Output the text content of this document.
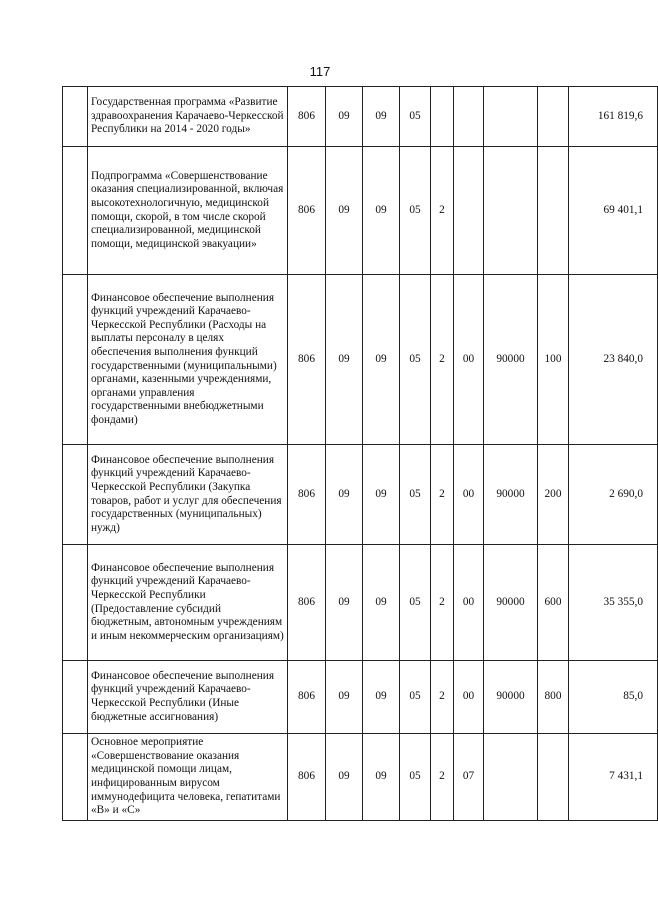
117
	Государственная программа «Развитие здравоохранения Карачаево-Черкесской Республики на 2014 - 2020 годы»	806	09	09	05					161 819,6
	Подпрограмма «Совершенствование оказания специализированной, включая высокотехнологичную, медицинской помощи, скорой, в том числе скорой специализированной, медицинской помощи, медицинской эвакуации»	806	09	09	05	2				69 401,1
	Финансовое обеспечение выполнения функций учреждений Карачаево-Черкесской Республики (Расходы на выплаты персоналу в целях обеспечения выполнения функций государственными (муниципальными) органами, казенными учреждениями, органами управления государственными внебюджетными фондами)	806	09	09	05	2	00	90000	100	23 840,0
	Финансовое обеспечение выполнения функций учреждений Карачаево-Черкесской Республики (Закупка товаров, работ и услуг для обеспечения государственных (муниципальных) нужд)	806	09	09	05	2	00	90000	200	2 690,0
	Финансовое обеспечение выполнения функций учреждений Карачаево-Черкесской Республики (Предоставление субсидий бюджетным, автономным учреждениям и иным некоммерческим организациям)	806	09	09	05	2	00	90000	600	35 355,0
	Финансовое обеспечение выполнения функций учреждений Карачаево-Черкесской Республики (Иные бюджетные ассигнования)	806	09	09	05	2	00	90000	800	85,0
	Основное мероприятие «Совершенствование оказания медицинской помощи лицам, инфицированным вирусом иммунодефицита человека, гепатитами «В» и «С»	806	09	09	05	2	07			7 431,1
